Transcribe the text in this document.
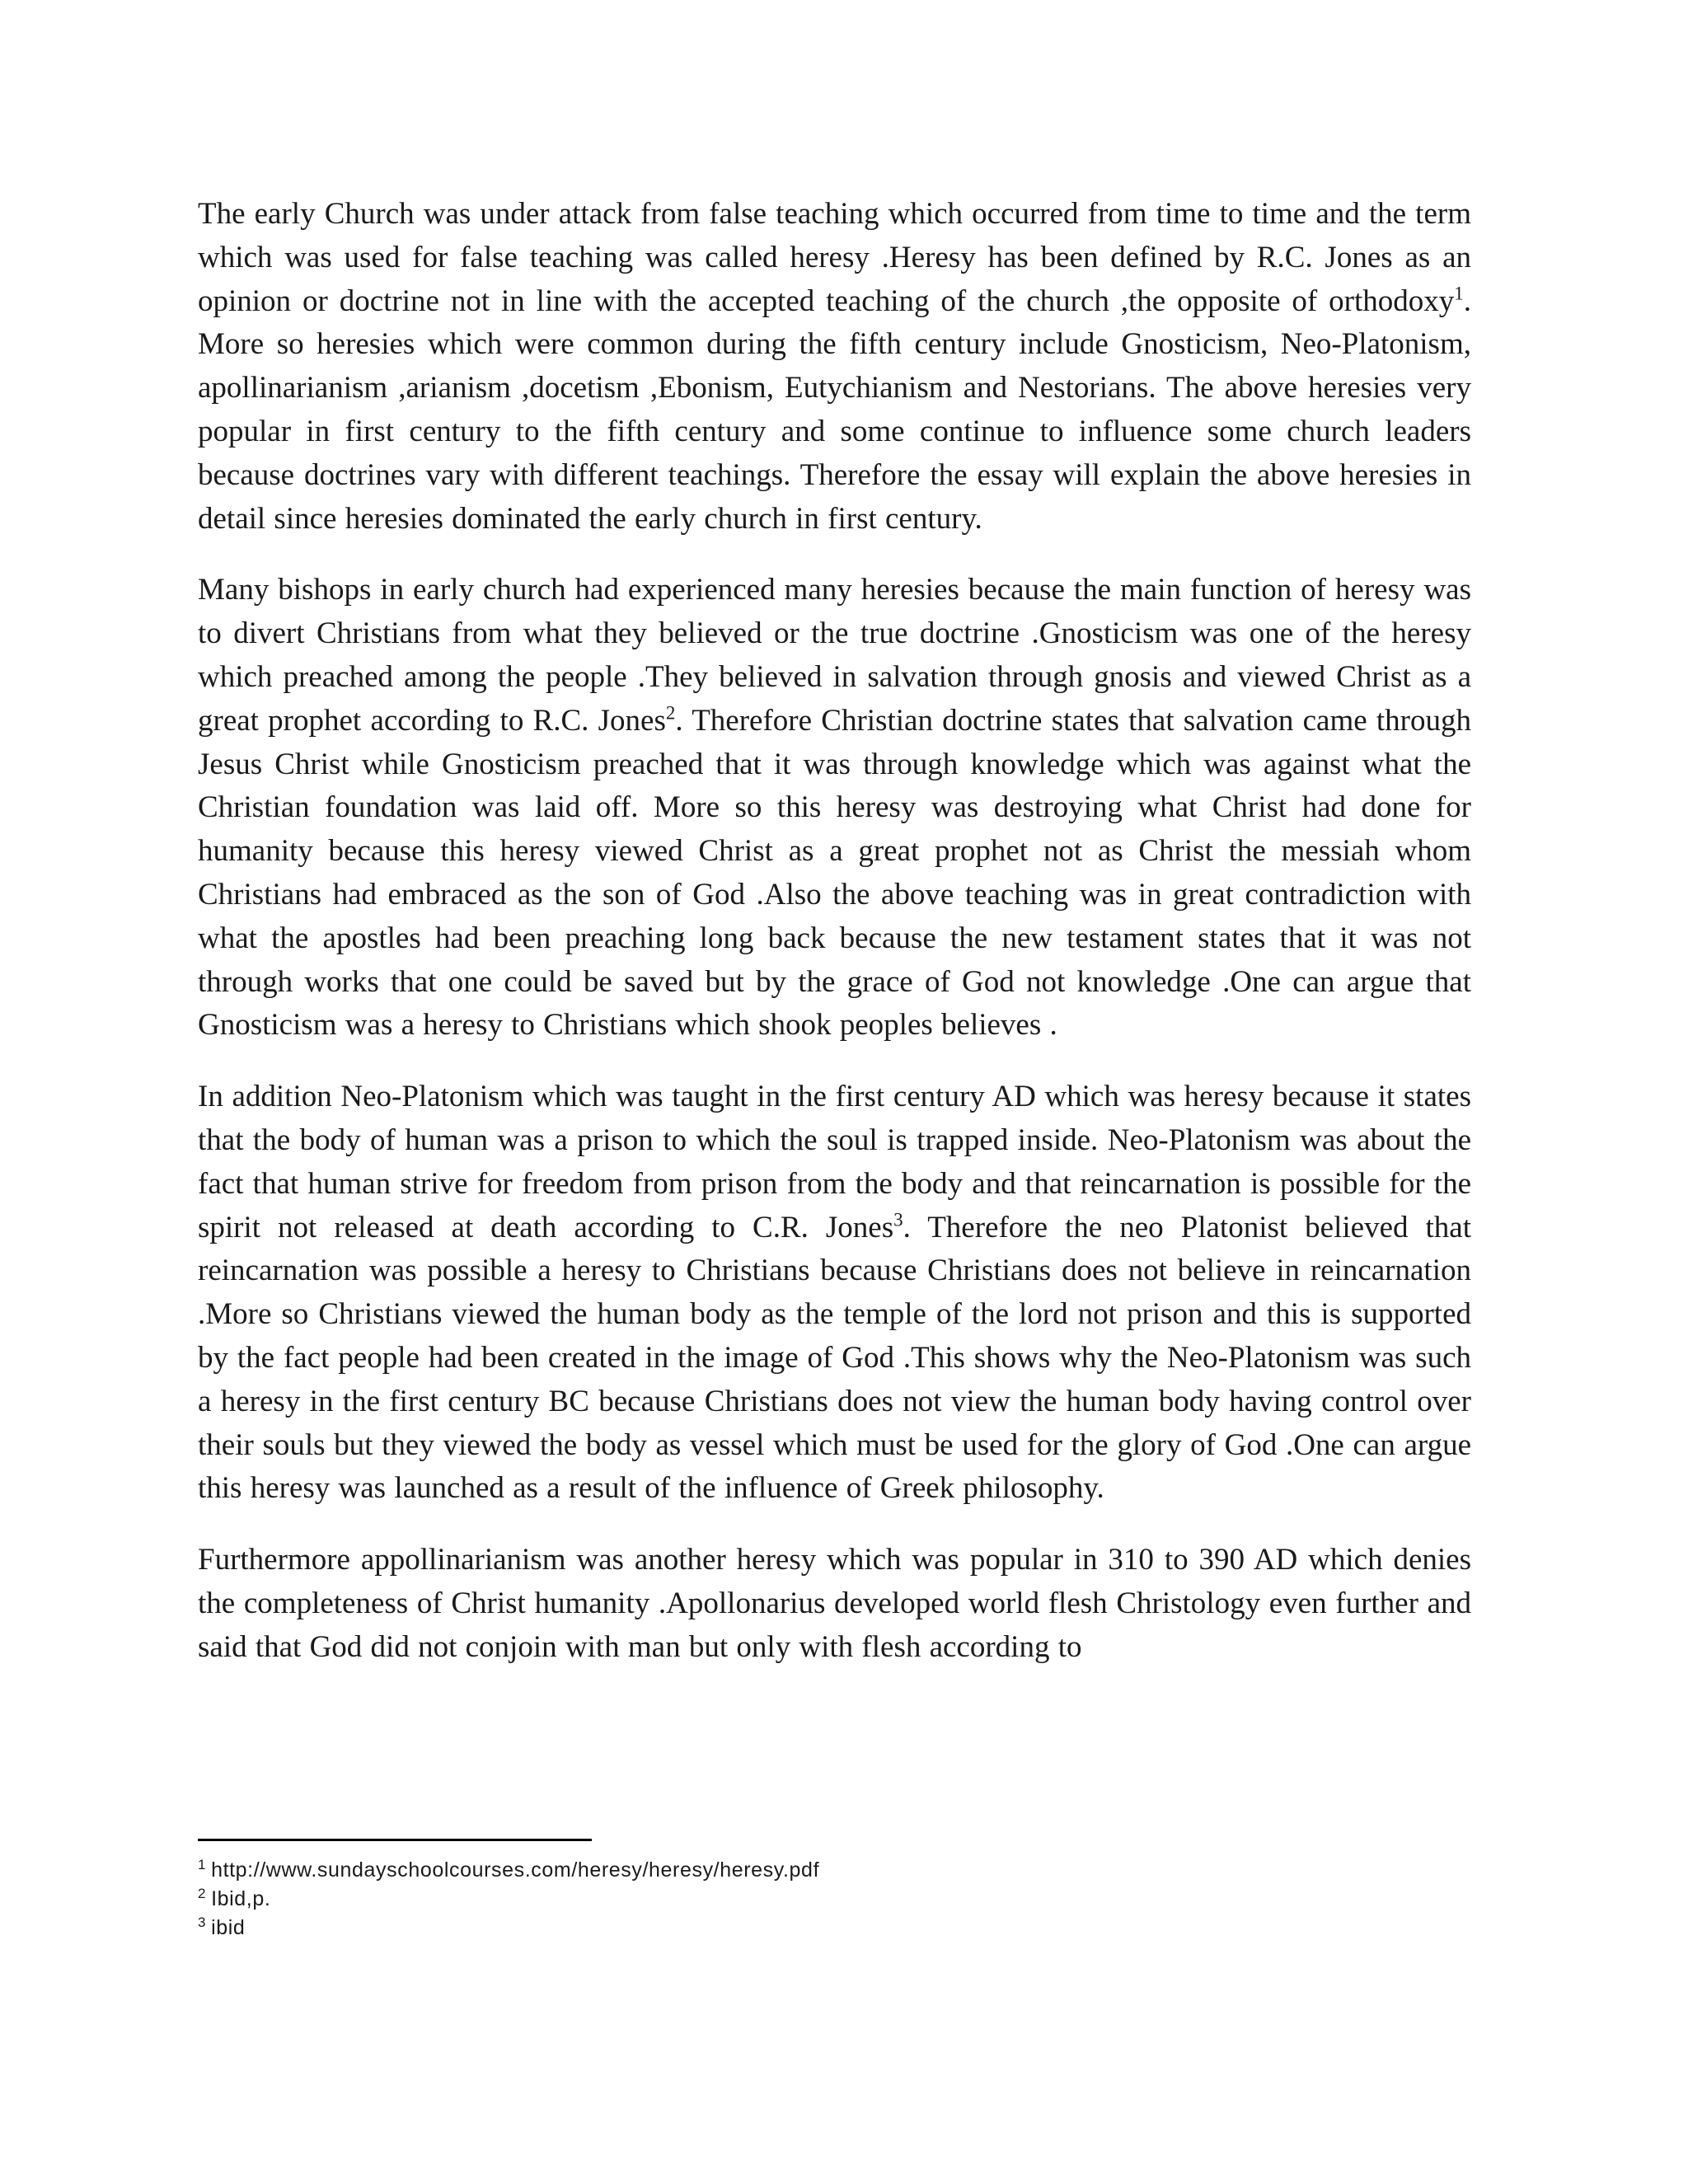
The early Church was under attack from false teaching which occurred from time to time and the term which was used for false teaching was called heresy .Heresy has been defined by R.C. Jones as an opinion or doctrine not in line with the accepted teaching of the church ,the opposite of orthodoxy$^1$. More so heresies which were common during the fifth century include Gnosticism, Neo-Platonism, apollinarianism ,arianism ,docetism ,Ebonism, Eutychianism and Nestorians. The above heresies very popular in first century to the fifth century and some continue to influence some church leaders because doctrines vary with different teachings. Therefore the essay will explain the above heresies in detail since heresies dominated the early church in first century.

Many bishops in early church had experienced many heresies because the main function of heresy was to divert Christians from what they believed or the true doctrine .Gnosticism was one of the heresy which preached among the people .They believed in salvation through gnosis and viewed Christ as a great prophet according to R.C. Jones$^2$. Therefore Christian doctrine states that salvation came through Jesus Christ while Gnosticism preached that it was through knowledge which was against what the Christian foundation was laid off. More so this heresy was destroying what Christ had done for humanity because this heresy viewed Christ as a great prophet not as Christ the messiah whom Christians had embraced as the son of God .Also the above teaching was in great contradiction with what the apostles had been preaching long back because the new testament states that it was not through works that one could be saved but by the grace of God not knowledge .One can argue that Gnosticism was a heresy to Christians which shook peoples believes .

In addition Neo-Platonism which was taught in the first century AD which was heresy because it states that the body of human was a prison to which the soul is trapped inside. Neo-Platonism was about the fact that human strive for freedom from prison from the body and that reincarnation is possible for the spirit not released at death according to C.R. Jones$^3$. Therefore the neo Platonist believed that reincarnation was possible a heresy to Christians because Christians does not believe in reincarnation .More so Christians viewed the human body as the temple of the lord not prison and this is supported by the fact people had been created in the image of God .This shows why the Neo-Platonism was such a heresy in the first century BC because Christians does not view the human body having control over their souls but they viewed the body as vessel which must be used for the glory of God .One can argue this heresy was launched as a result of the influence of Greek philosophy.

Furthermore appollinarianism was another heresy which was popular in 310 to 390 AD which denies the completeness of Christ humanity .Apollonarius developed world flesh Christology even further and said that God did not conjoin with man but only with flesh according to

$^1$ http://www.sundayschoolcourses.com/heresy/heresy/heresy.pdf

$^2$ Ibid,p.

$^3$ ibid
